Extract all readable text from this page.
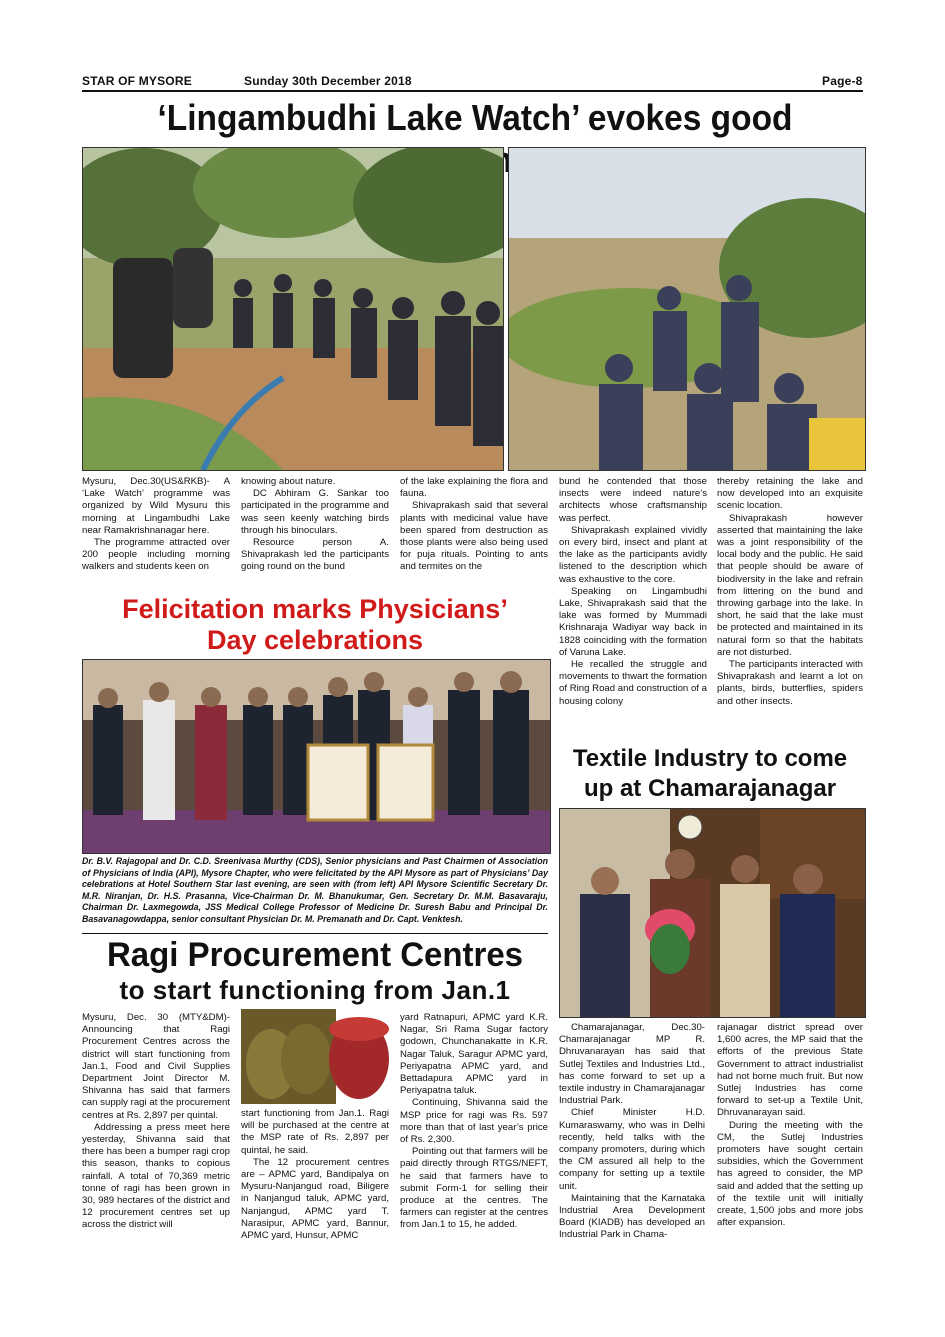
STAR OF MYSORE	Sunday 30th December 2018	Page-8
‘Lingambudhi Lake Watch’ evokes good

Mysuru, Dec.30(US&RKB)- A ‘Lake Watch’ programme was organized by Wild Mysuru this morning at Lingambudhi Lake near Ramakrishnanagar here.

The programme attracted over 200 people including morning walkers and students keen on

knowing about nature.

DC Abhiram G. Sankar too participated in the programme and was seen keenly watching birds through his binoculars.

Resource person A. Shivaprakash led the participants going round on the bund

of the lake explaining the flora and fauna.

Shivaprakash said that several plants with medicinal value have been spared from destruction as those plants were also being used for puja rituals. Pointing to ants and termites on the

bund he contended that those insects were indeed nature’s architects whose craftsmanship was perfect.

Shivaprakash explained vividly on every bird, insect and plant at the lake as the participants avidly listened to the description which was exhaustive to the core.

Speaking on Lingambudhi Lake, Shivaprakash said that the lake was formed by Mummadi Krishnaraja Wadiyar way back in 1828 coinciding with the formation of Varuna Lake.

He recalled the struggle and movements to thwart the formation of Ring Road and construction of a housing colony

thereby retaining the lake and now developed into an exquisite scenic location.

Shivaprakash however asserted that maintaining the lake was a joint responsibility of the local body and the public. He said that people should be aware of biodiversity in the lake and refrain from littering on the bund and throwing garbage into the lake. In short, he said that the lake must be protected and maintained in its natural form so that the habitats are not disturbed.

The participants interacted with Shivaprakash and learnt a lot on plants, birds, butterflies, spiders and other insects.

Felicitation marks Physicians’
Day celebrations
Dr. B.V. Rajagopal and Dr. C.D. Sreenivasa Murthy (CDS), Senior physicians and Past Chairmen of Association of Physicians of India (API), Mysore Chapter, who were felicitated by the API Mysore as part of Physicians’ Day celebrations at Hotel Southern Star last evening, are seen with (from left) API Mysore Scientific Secretary Dr. M.R. Niranjan, Dr. H.S. Prasanna, Vice-Chairman Dr. M. Bhanukumar, Gen. Secretary Dr. M.M. Basavaraju, Chairman Dr. Laxmegowda, JSS Medical College Professor of Medicine Dr. Suresh Babu and Principal Dr. Basavanagowdappa, senior consultant Physician Dr. M. Premanath and Dr. Capt. Venktesh.
Ragi Procurement Centres
to start functioning from Jan.1

Mysuru, Dec. 30 (MTY&DM)- Announcing that Ragi Procurement Centres across the district will start functioning from Jan.1, Food and Civil Supplies Department Joint Director M. Shivanna has said that farmers can supply ragi at the procurement centres at Rs. 2,897 per quintal.

Addressing a press meet here yesterday, Shivanna said that there has been a bumper ragi crop this season, thanks to copious rainfall. A total of 70,369 metric tonne of ragi has been grown in 30, 989 hectares of the district and 12 procurement centres set up across the district will

start functioning from Jan.1. Ragi will be purchased at the centre at the MSP rate of Rs. 2,897 per quintal, he said.

The 12 procurement centres are – APMC yard, Bandipalya on Mysuru-Nanjangud road, Biligere in Nanjangud taluk, APMC yard, Nanjangud, APMC yard T. Narasipur, APMC yard, Bannur, APMC yard, Hunsur, APMC

yard Ratnapuri, APMC yard K.R. Nagar, Sri Rama Sugar factory godown, Chunchanakatte in K.R. Nagar Taluk, Saragur APMC yard, Periyapatna APMC yard, and Bettadapura APMC yard in Periyapatna taluk.

Continuing, Shivanna said the MSP price for ragi was Rs. 597 more than that of last year’s price of Rs. 2,300.

Pointing out that farmers will be paid directly through RTGS/NEFT, he said that farmers have to submit Form-1 for selling their produce at the centres. The farmers can register at the centres from Jan.1 to 15, he added.

Textile Industry to come
up at Chamarajanagar

Chamarajanagar, Dec.30- Chamarajanagar MP R. Dhruvanarayan has said that Sutlej Textiles and Industries Ltd., has come forward to set up a textile industry in Chamarajanagar Industrial Park.

Chief Minister H.D. Kumaraswamy, who was in Delhi recently, held talks with the company promoters, during which the CM assured all help to the company for setting up a textile unit.

Maintaining that the Karnataka Industrial Area Development Board (KIADB) has developed an Industrial Park in Chama-

rajanagar district spread over 1,600 acres, the MP said that the efforts of the previous State Government to attract industrialist had not borne much fruit. But now Sutlej Industries has come forward to set-up a Textile Unit, Dhruvanarayan said.

During the meeting with the CM, the Sutlej Industries promoters have sought certain subsidies, which the Government has agreed to consider, the MP said and added that the setting up of the textile unit will initially create, 1,500 jobs and more jobs after expansion.
